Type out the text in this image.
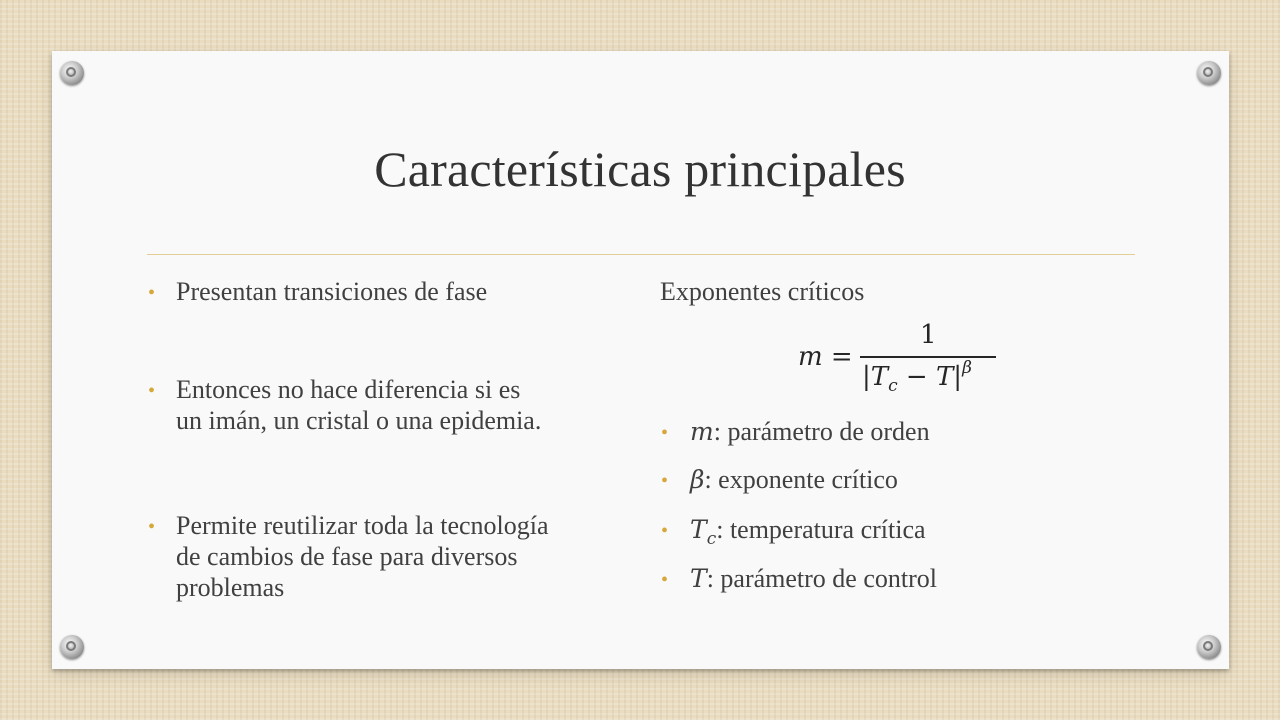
Características principales
• Presentan transiciones de fase
• Entonces no hace diferencia si es
un imán, un cristal o una epidemia.
• Permite reutilizar toda la tecnología
de cambios de fase para diversos
problemas
Exponentes críticos
m =
1
$|T_c - T|^\beta$
• m: parámetro de orden
• β: exponente crítico
• $T_c$: temperatura crítica
• T: parámetro de control
